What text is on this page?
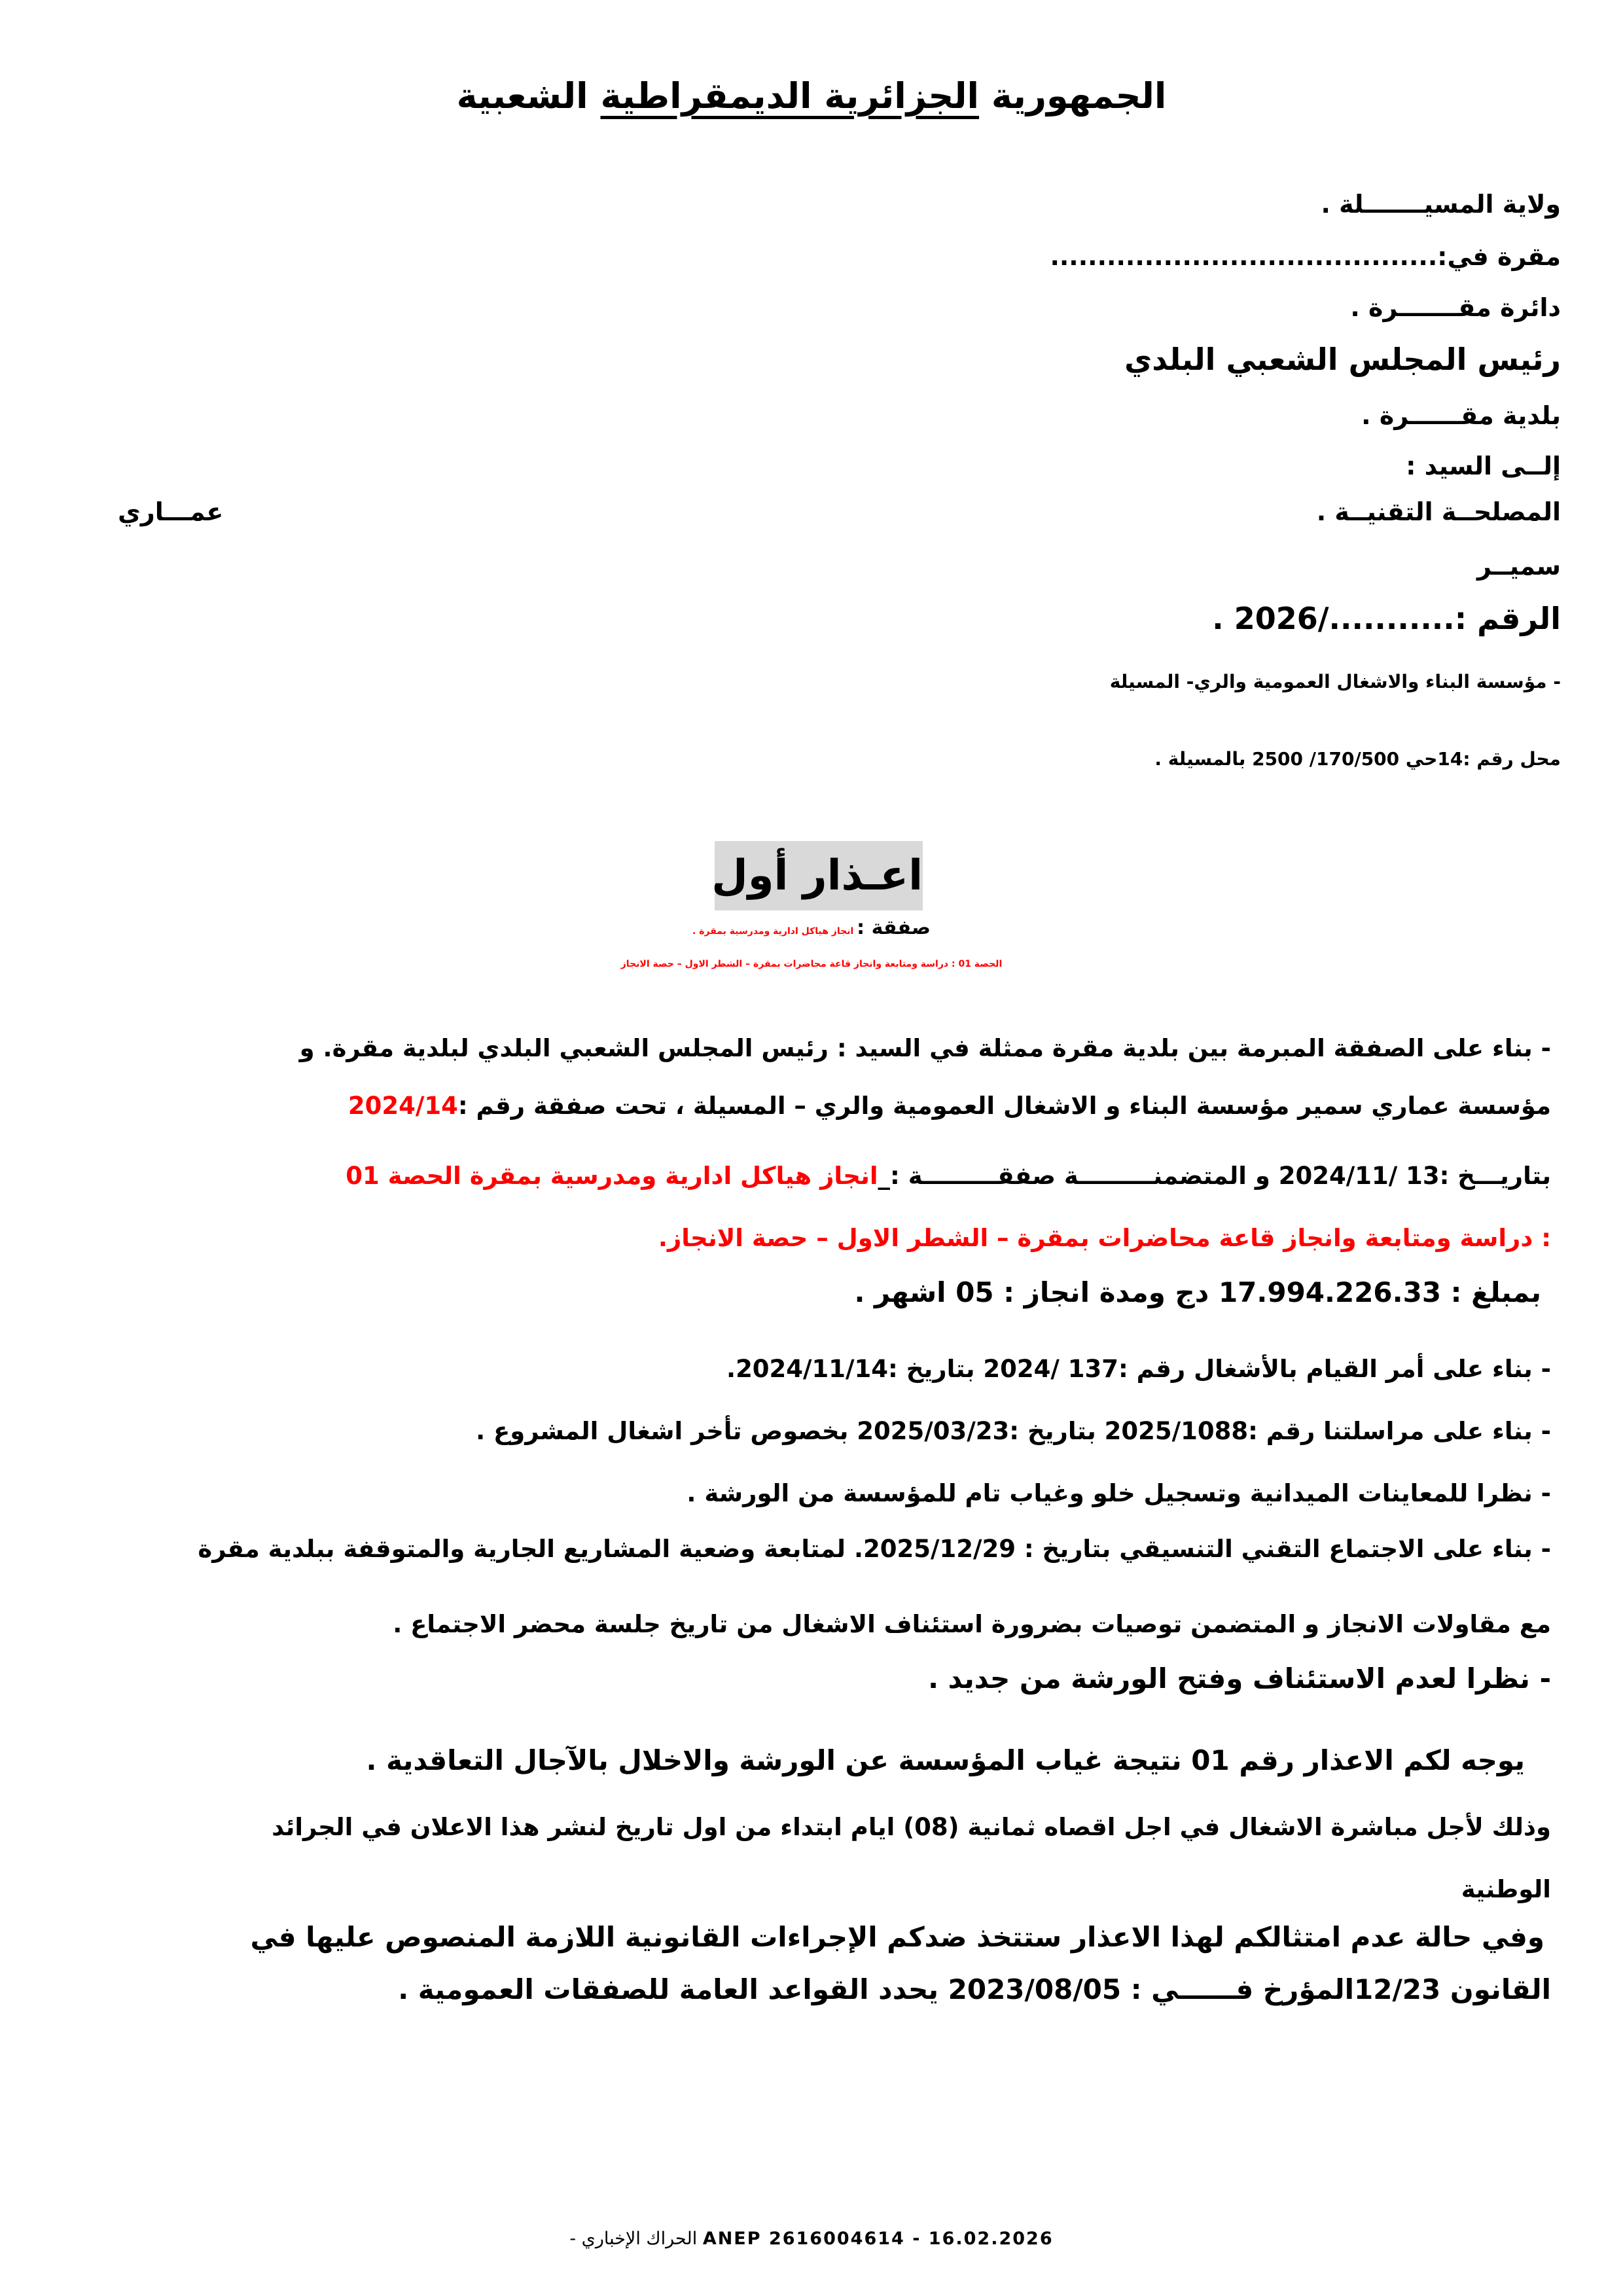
الجمهورية الجزائرية الديمقراطية الشعبية
ولاية المسيـــــــلة .
مقرة في:.........................................
دائرة مقـــــــرة .
رئيس المجلس الشعبي البلدي
بلدية مقــــــرة .
إلــى السيد :
المصلحــة التقنيــة .
عمـــاري
سميــر
الرقم :.........../2026 .
- مؤسسة البناء والاشغال العمومية والري- المسيلة
محل رقم :14حي 170/500/ 2500 بالمسيلة .
اعـذار أول
صفقة : انجاز هياكل ادارية ومدرسية بمقرة .
الحصة 01 : دراسة ومتابعة وانجاز قاعة محاضرات بمقرة – الشطر الاول – حصة الانجاز
- بناء على الصفقة المبرمة بين بلدية مقرة ممثلة في السيد : رئيس المجلس الشعبي البلدي لبلدية مقرة. و
مؤسسة عماري سمير مؤسسة البناء و الاشغال العمومية والري – المسيلة ، تحت صفقة رقم :2024/14
بتاريـــخ :13 /2024/11 و المتضمنـــــــــة صفقـــــــــة :_انجاز هياكل ادارية ومدرسية بمقرة الحصة 01
: دراسة ومتابعة وانجاز قاعة محاضرات بمقرة – الشطر الاول – حصة الانجاز.
بمبلغ : 17.994.226.33 دج ومدة انجاز : 05 اشهر .
- بناء على أمر القيام بالأشغال رقم :137 /2024 بتاريخ :2024/11/14.
- بناء على مراسلتنا رقم :2025/1088 بتاريخ :2025/03/23 بخصوص تأخر اشغال المشروع .
- نظرا للمعاينات الميدانية وتسجيل خلو وغياب تام للمؤسسة من الورشة .
- بناء على الاجتماع التقني التنسيقي بتاريخ : 2025/12/29. لمتابعة وضعية المشاريع الجارية والمتوقفة ببلدية مقرة
مع مقاولات الانجاز و المتضمن توصيات بضرورة استئناف الاشغال من تاريخ جلسة محضر الاجتماع .
- نظرا لعدم الاستئناف وفتح الورشة من جديد .
يوجه لكم الاعذار رقم 01 نتيجة غياب المؤسسة عن الورشة والاخلال بالآجال التعاقدية .
وذلك لأجل مباشرة الاشغال في اجل اقصاه ثمانية (08) ايام ابتداء من اول تاريخ لنشر هذا الاعلان في الجرائد
الوطنية
وفي حالة عدم امتثالكم لهذا الاعذار ستتخذ ضدكم الإجراءات القانونية اللازمة المنصوص عليها في
القانون 12/23المؤرخ فــــــي : 2023/08/05 يحدد القواعد العامة للصفقات العمومية .
الحراك الإخباري - ANEP 2616004614 - 16.02.2026
